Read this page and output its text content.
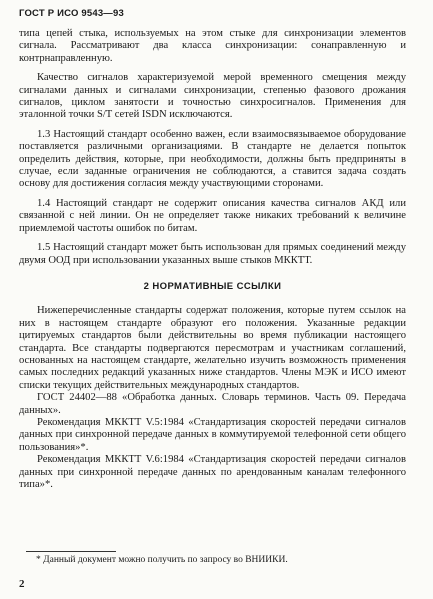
ГОСТ Р ИСО 9543—93

типа цепей стыка, используемых на этом стыке для синхронизации элементов сигнала. Рассматривают два класса синхронизации: сонаправленную и контрнаправленную.

Качество сигналов характеризуемой мерой временного смещения между сигналами данных и сигналами синхронизации, степенью фазового дрожания сигналов, циклом занятости и точностью синхросигналов. Применения для эталонной точки S/T сетей ISDN исключаются.

1.3 Настоящий стандарт особенно важен, если взаимосвязываемое оборудование поставляется различными организациями. В стандарте не делается попыток определить действия, которые, при необходимости, должны быть предприняты в случае, если заданные ограничения не соблюдаются, а ставится задача создать основу для достижения согласия между участвующими сторонами.

1.4 Настоящий стандарт не содержит описания качества сигналов АКД или связанной с ней линии. Он не определяет также никаких требований к величине приемлемой частоты ошибок по битам.

1.5 Настоящий стандарт может быть использован для прямых соединений между двумя ООД при использовании указанных выше стыков МККТТ.

2 НОРМАТИВНЫЕ ССЫЛКИ

Нижеперечисленные стандарты содержат положения, которые путем ссылок на них в настоящем стандарте образуют его положения. Указанные редакции цитируемых стандартов были действительны во время публикации настоящего стандарта. Все стандарты подвергаются пересмотрам и участникам соглашений, основанных на настоящем стандарте, желательно изучить возможность применения самых последних редакций указанных ниже стандартов. Члены МЭК и ИСО имеют списки текущих действительных международных стандартов.

ГОСТ 24402—88 «Обработка данных. Словарь терминов. Часть 09. Передача данных».

Рекомендация МККТТ V.5:1984 «Стандартизация скоростей передачи сигналов данных при синхронной передаче данных в коммутируемой телефонной сети общего пользования»*.

Рекомендация МККТТ V.6:1984 «Стандартизация скоростей передачи сигналов данных при синхронной передаче данных по арендованным каналам телефонного типа»*.

* Данный документ можно получить по запросу во ВНИИКИ.
2
